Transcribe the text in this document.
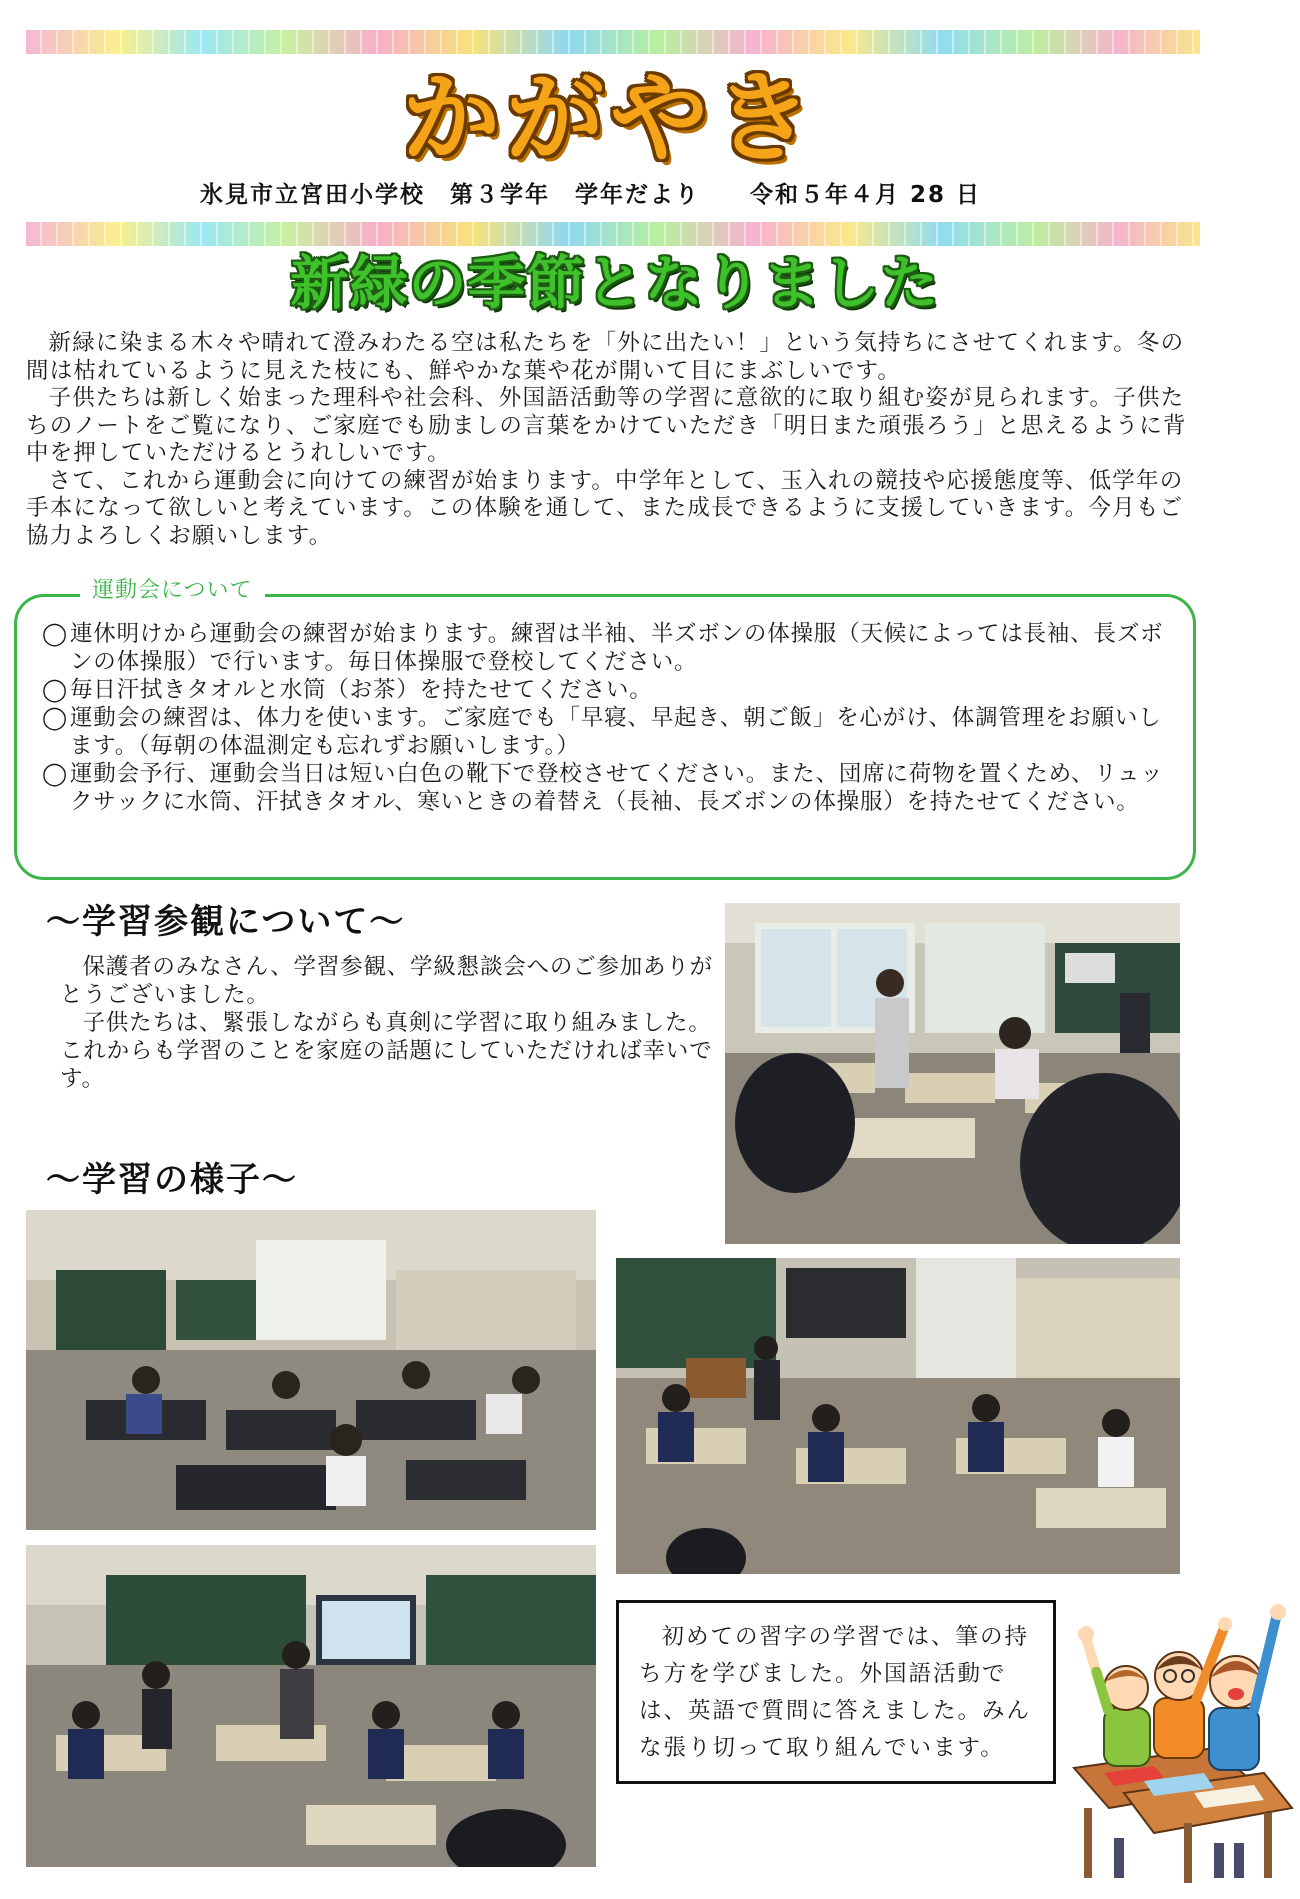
かがやき
氷見市立宮田小学校　第３学年　学年だより　　令和５年４月 28 日
新緑の季節となりました

新緑に染まる木々や晴れて澄みわたる空は私たちを「外に出たい！」という気持ちにさせてくれます。冬の間は枯れているように見えた枝にも、鮮やかな葉や花が開いて目にまぶしいです。

子供たちは新しく始まった理科や社会科、外国語活動等の学習に意欲的に取り組む姿が見られます。子供たちのノートをご覧になり、ご家庭でも励ましの言葉をかけていただき「明日また頑張ろう」と思えるように背中を押していただけるとうれしいです。

さて、これから運動会に向けての練習が始まります。中学年として、玉入れの競技や応援態度等、低学年の手本になって欲しいと考えています。この体験を通して、また成長できるように支援していきます。今月もご協力よろしくお願いします。

運動会について
◯ 連休明けから運動会の練習が始まります。練習は半袖、半ズボンの体操服（天候によっては長袖、長ズボンの体操服）で行います。毎日体操服で登校してください。
◯ 毎日汗拭きタオルと水筒（お茶）を持たせてください。
◯ 運動会の練習は、体力を使います。ご家庭でも「早寝、早起き、朝ご飯」を心がけ、体調管理をお願いします。（毎朝の体温測定も忘れずお願いします。）
◯ 運動会予行、運動会当日は短い白色の靴下で登校させてください。また、団席に荷物を置くため、リュックサックに水筒、汗拭きタオル、寒いときの着替え（長袖、長ズボンの体操服）を持たせてください。
～学習参観について～

保護者のみなさん、学習参観、学級懇談会へのご参加ありがとうございました。

子供たちは、緊張しながらも真剣に学習に取り組みました。これからも学習のことを家庭の話題にしていただければ幸いです。

～学習の様子～

初めての習字の学習では、筆の持ち方を学びました。外国語活動では、英語で質問に答えました。みんな張り切って取り組んでいます。
